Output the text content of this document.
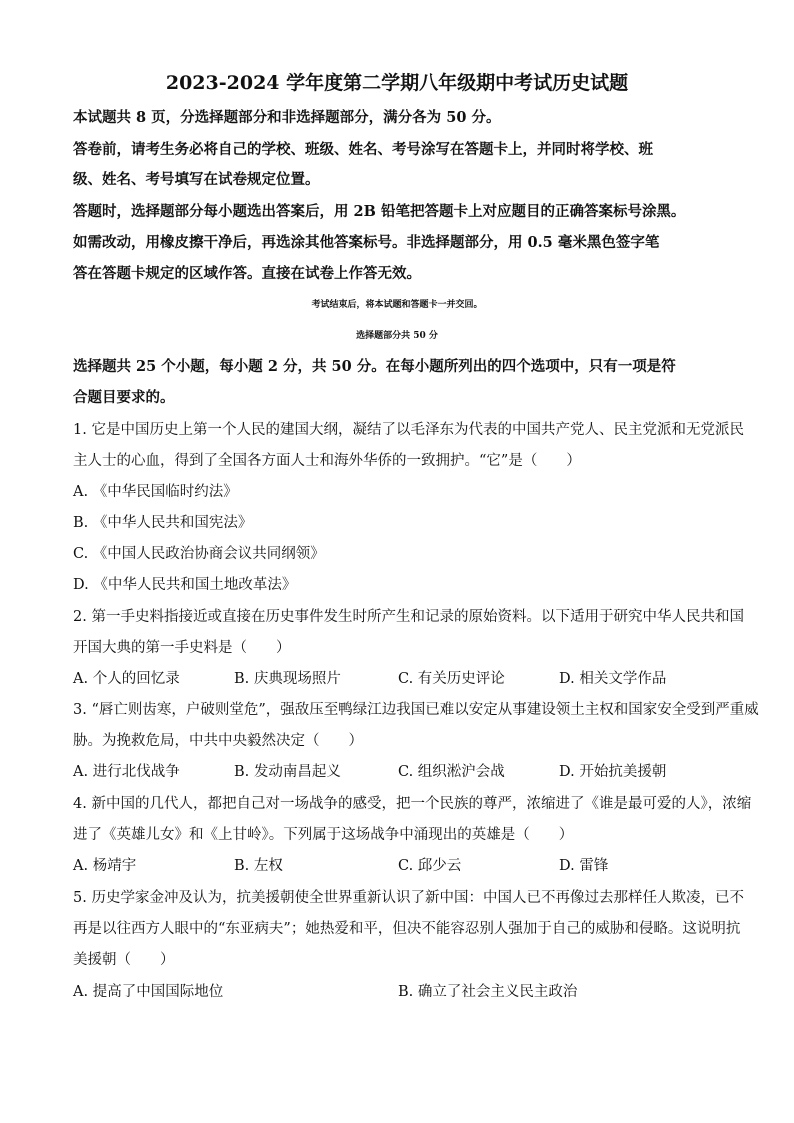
2023-2024 学年度第二学期八年级期中考试历史试题
本试题共 8 页，分选择题部分和非选择题部分，满分各为 50 分。
答卷前，请考生务必将自己的学校、班级、姓名、考号涂写在答题卡上，并同时将学校、班
级、姓名、考号填写在试卷规定位置。
答题时，选择题部分每小题选出答案后，用 2B 铅笔把答题卡上对应题目的正确答案标号涂黑。
如需改动，用橡皮擦干净后，再选涂其他答案标号。非选择题部分，用 0.5 毫米黑色签字笔
答在答题卡规定的区域作答。直接在试卷上作答无效。
考试结束后，将本试题和答题卡一并交回。
选择题部分共 50 分
选择题共 25 个小题，每小题 2 分，共 50 分。在每小题所列出的四个选项中，只有一项是符
合题目要求的。
1. 它是中国历史上第一个人民的建国大纲，凝结了以毛泽东为代表的中国共产党人、民主党派和无党派民
主人士的心血，得到了全国各方面人士和海外华侨的一致拥护。“它”是（　　）
A. 《中华民国临时约法》
B. 《中华人民共和国宪法》
C. 《中国人民政治协商会议共同纲领》
D. 《中华人民共和国土地改革法》
2. 第一手史料指接近或直接在历史事件发生时所产生和记录的原始资料。以下适用于研究中华人民共和国
开国大典的第一手史料是（　　）
A. 个人的回忆录	B. 庆典现场照片	C. 有关历史评论	D. 相关文学作品
3. “唇亡则齿寒，户破则堂危”，强敌压至鸭绿江边我国已难以安定从事建设领土主权和国家安全受到严重威
胁。为挽救危局，中共中央毅然决定（　　）
A. 进行北伐战争	B. 发动南昌起义	C. 组织淞沪会战	D. 开始抗美援朝
4. 新中国的几代人，都把自己对一场战争的感受，把一个民族的尊严，浓缩进了《谁是最可爱的人》，浓缩
进了《英雄儿女》和《上甘岭》。下列属于这场战争中涌现出的英雄是（　　）
A. 杨靖宇	B. 左权	C. 邱少云	D. 雷锋
5. 历史学家金冲及认为，抗美援朝使全世界重新认识了新中国：中国人已不再像过去那样任人欺凌，已不
再是以往西方人眼中的“东亚病夫”；她热爱和平，但决不能容忍别人强加于自己的威胁和侵略。这说明抗
美援朝（　　）
A. 提高了中国国际地位	B. 确立了社会主义民主政治
